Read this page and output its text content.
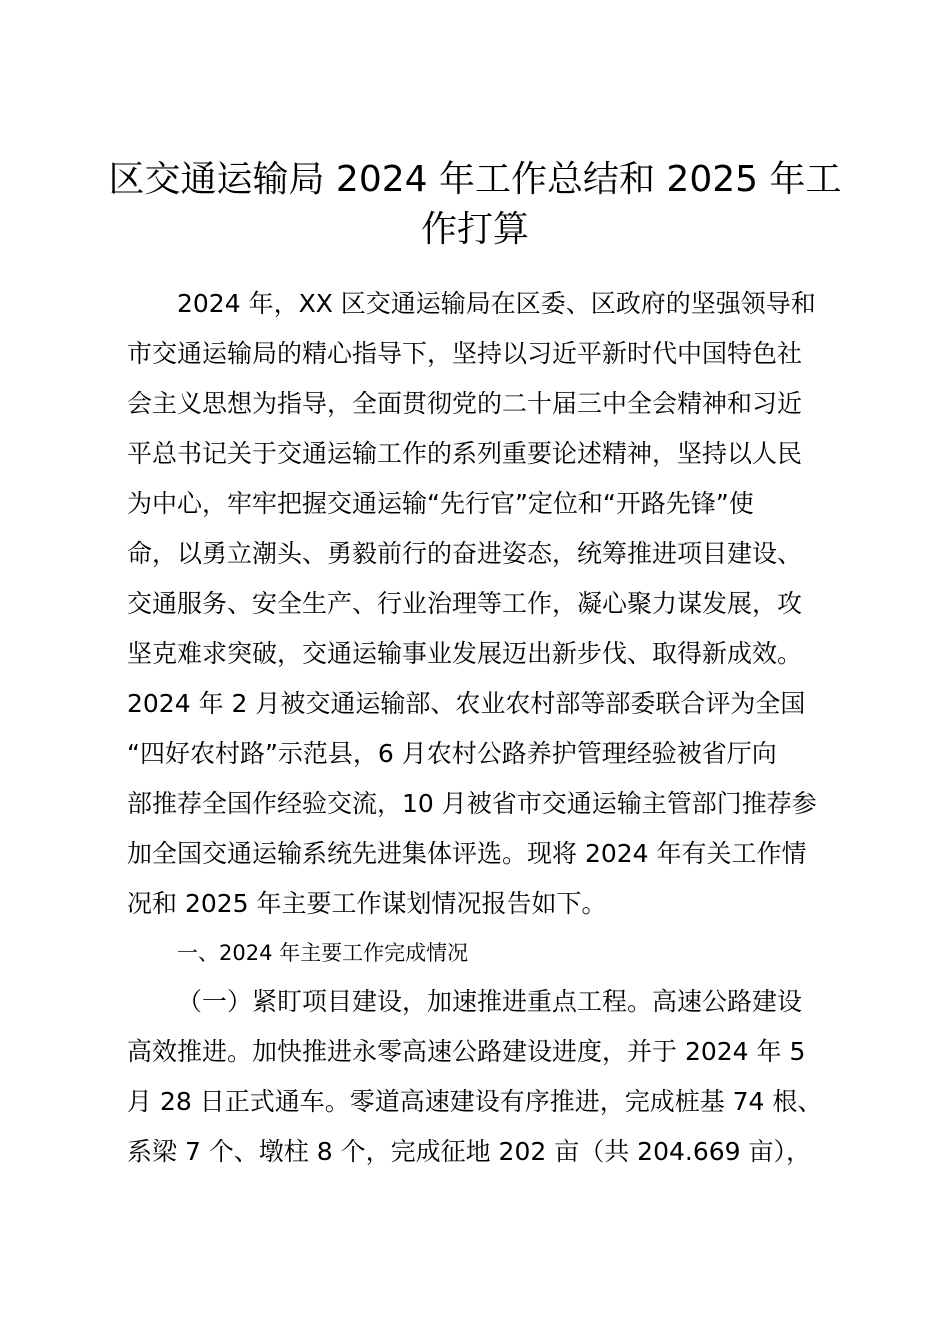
区交通运输局 2024 年工作总结和 2025 年工
作打算
2024 年，XX 区交通运输局在区委、区政府的坚强领导和
市交通运输局的精心指导下，坚持以习近平新时代中国特色社
会主义思想为指导，全面贯彻党的二十届三中全会精神和习近
平总书记关于交通运输工作的系列重要论述精神，坚持以人民
为中心，牢牢把握交通运输“先行官”定位和“开路先锋”使
命，以勇立潮头、勇毅前行的奋进姿态，统筹推进项目建设、
交通服务、安全生产、行业治理等工作，凝心聚力谋发展，攻
坚克难求突破，交通运输事业发展迈出新步伐、取得新成效。
2024 年 2 月被交通运输部、农业农村部等部委联合评为全国
“四好农村路”示范县，6 月农村公路养护管理经验被省厅向
部推荐全国作经验交流，10 月被省市交通运输主管部门推荐参
加全国交通运输系统先进集体评选。现将 2024 年有关工作情
况和 2025 年主要工作谋划情况报告如下。
一、2024 年主要工作完成情况
（一）紧盯项目建设，加速推进重点工程。高速公路建设
高效推进。加快推进永零高速公路建设进度，并于 2024 年 5
月 28 日正式通车。零道高速建设有序推进，完成桩基 74 根、
系梁 7 个、墩柱 8 个，完成征地 202 亩（共 204.669 亩），
